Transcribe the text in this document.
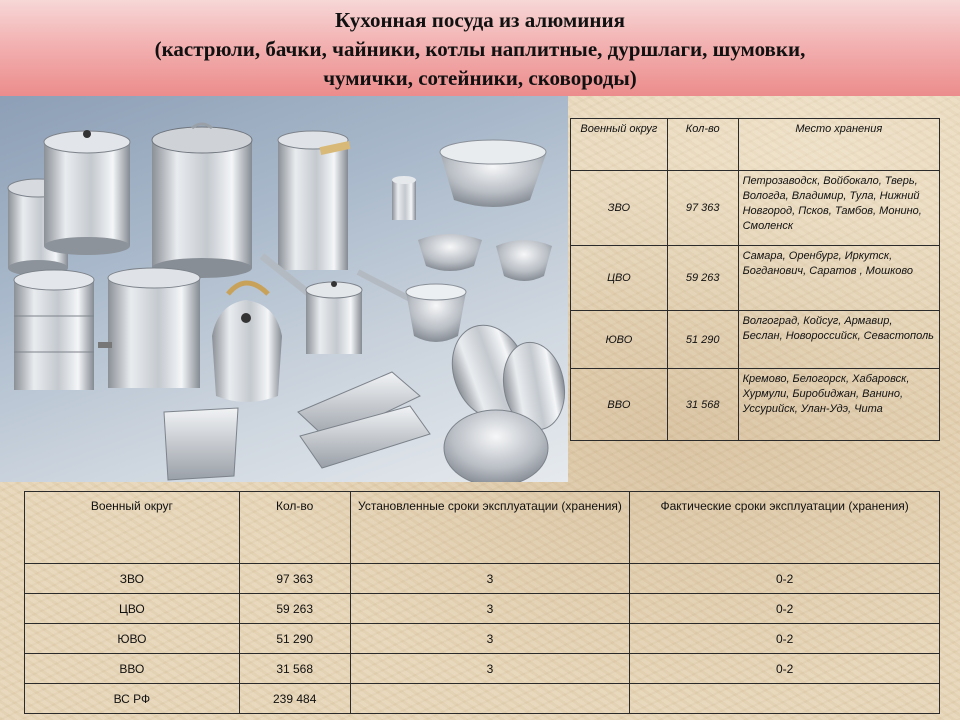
Кухонная посуда из алюминия
(кастрюли, бачки, чайники, котлы наплитные, дуршлаги, шумовки,
чумички, сотейники, сковороды)
Военный округ	Кол-во	Место хранения
ЗВО	97 363	Петрозаводск, Войбокало, Тверь, Вологда, Владимир, Тула, Нижний Новгород, Псков, Тамбов, Монино, Смоленск
ЦВО	59 263	Самара, Оренбург, Иркутск, Богданович, Саратов , Мошково
ЮВО	51 290	Волгоград, Койсуг, Армавир, Беслан, Новороссийск, Севастополь
ВВО	31 568	Кремово, Белогорск, Хабаровск, Хурмули, Биробиджан, Ванино, Уссурийск, Улан-Удэ, Чита
Военный округ	Кол-во	Установленные сроки эксплуатации (хранения)	Фактические сроки эксплуатации (хранения)
ЗВО	97 363	3	0-2
ЦВО	59 263	3	0-2
ЮВО	51 290	3	0-2
ВВО	31 568	3	0-2
ВС РФ	239 484		
